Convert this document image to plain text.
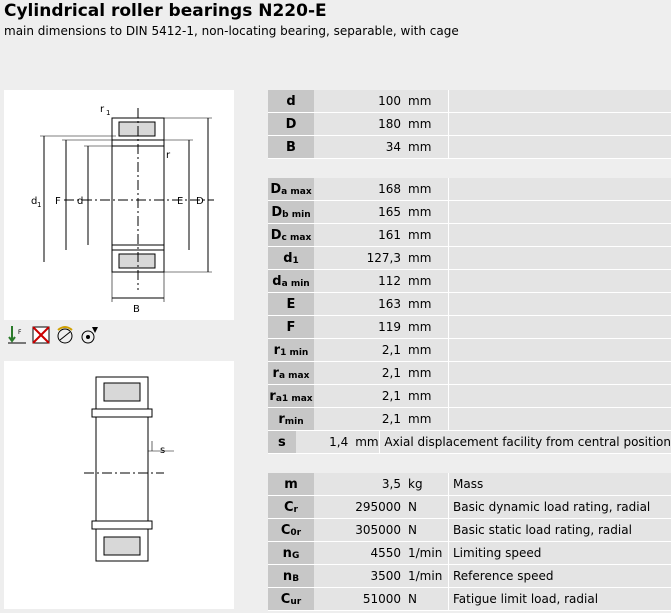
Cylindrical roller bearings N220-E
main dimensions to DIN 5412-1, non-locating bearing, separable, with cage
r 1
r
d 1 F d	E D
B
F
s
d	100 mm
D	180 mm
B	34 mm
$D_{a max}$	168 mm
$D_{b min}$	165 mm
$D_{c max}$	161 mm
$d_1$	127,3 mm
$d_{a min}$	112 mm
E	163 mm
F	119 mm
$r_{1 min}$	2,1 mm
$r_{a max}$	2,1 mm
$r_{a1 max}$	2,1 mm
$r_{min}$	2,1 mm
s	1,4 mm Axial displacement facility from central position
m	3,5 kg	Mass
$C_r$	295000 N	Basic dynamic load rating, radial
$C_{0r}$	305000 N	Basic static load rating, radial
$n_G$	4550 1/min Limiting speed
$n_B$	3500 1/min Reference speed
$C_{ur}$	51000 N	Fatigue limit load, radial
